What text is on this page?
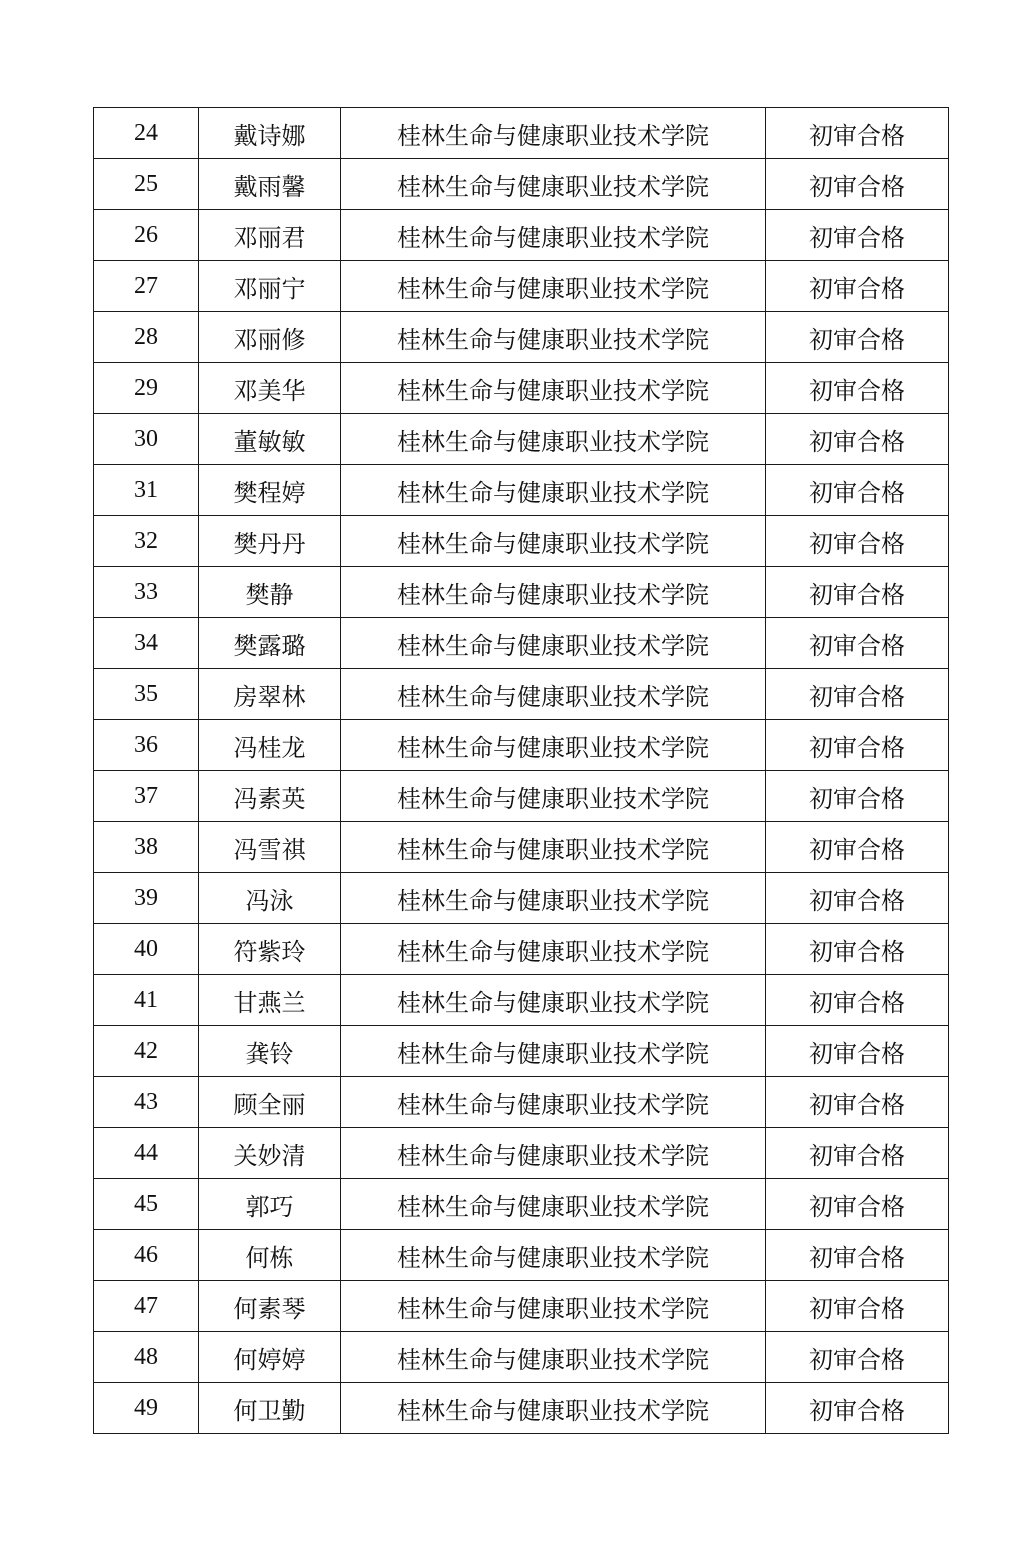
24	戴诗娜	桂林生命与健康职业技术学院	初审合格
25	戴雨馨	桂林生命与健康职业技术学院	初审合格
26	邓丽君	桂林生命与健康职业技术学院	初审合格
27	邓丽宁	桂林生命与健康职业技术学院	初审合格
28	邓丽修	桂林生命与健康职业技术学院	初审合格
29	邓美华	桂林生命与健康职业技术学院	初审合格
30	董敏敏	桂林生命与健康职业技术学院	初审合格
31	樊程婷	桂林生命与健康职业技术学院	初审合格
32	樊丹丹	桂林生命与健康职业技术学院	初审合格
33	樊静	桂林生命与健康职业技术学院	初审合格
34	樊露璐	桂林生命与健康职业技术学院	初审合格
35	房翠林	桂林生命与健康职业技术学院	初审合格
36	冯桂龙	桂林生命与健康职业技术学院	初审合格
37	冯素英	桂林生命与健康职业技术学院	初审合格
38	冯雪祺	桂林生命与健康职业技术学院	初审合格
39	冯泳	桂林生命与健康职业技术学院	初审合格
40	符紫玲	桂林生命与健康职业技术学院	初审合格
41	甘燕兰	桂林生命与健康职业技术学院	初审合格
42	龚铃	桂林生命与健康职业技术学院	初审合格
43	顾全丽	桂林生命与健康职业技术学院	初审合格
44	关妙清	桂林生命与健康职业技术学院	初审合格
45	郭巧	桂林生命与健康职业技术学院	初审合格
46	何栋	桂林生命与健康职业技术学院	初审合格
47	何素琴	桂林生命与健康职业技术学院	初审合格
48	何婷婷	桂林生命与健康职业技术学院	初审合格
49	何卫勤	桂林生命与健康职业技术学院	初审合格
